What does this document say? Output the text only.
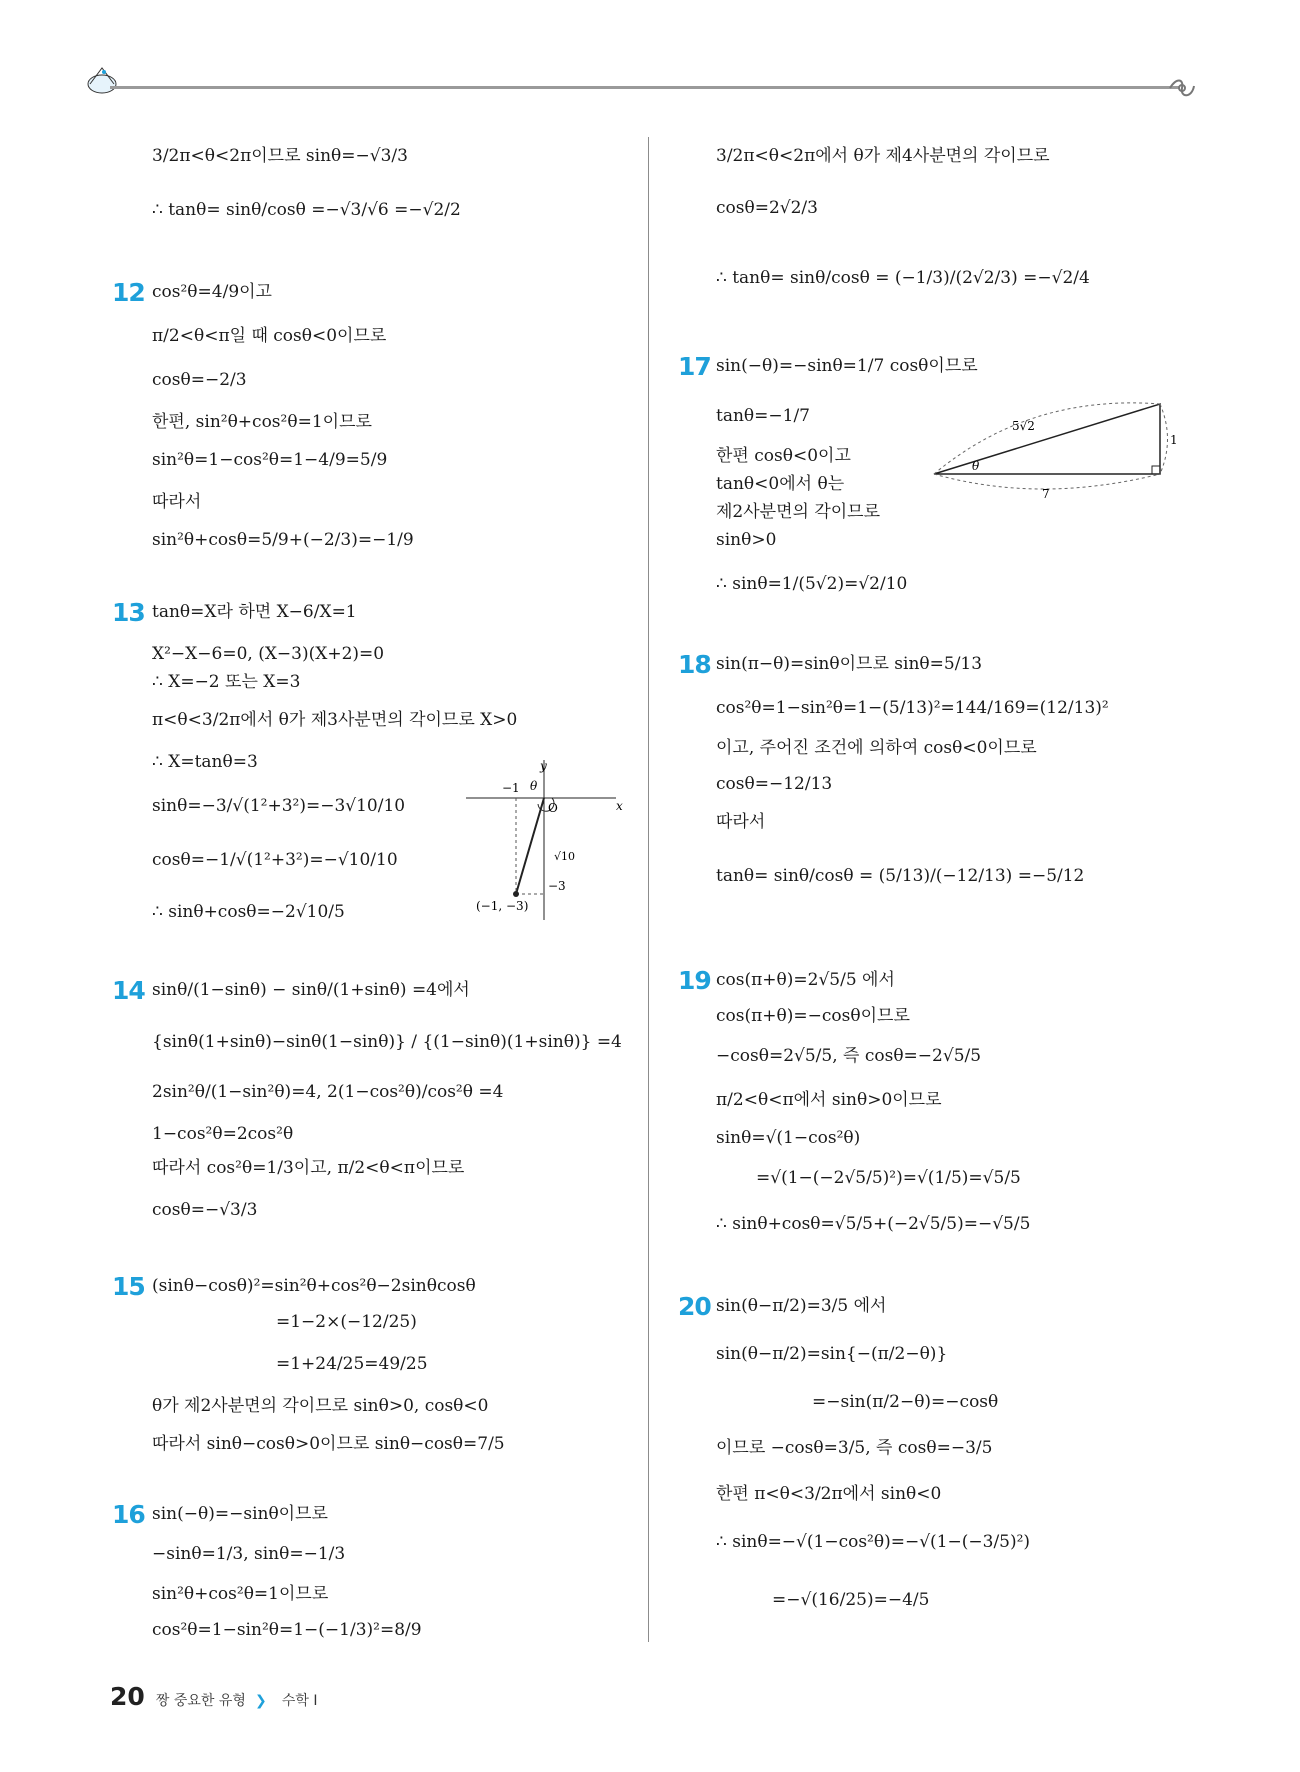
3/2π<θ<2π이므로 sinθ=−√3/3
∴ tanθ= sinθ/cosθ =−√3/√6 =−√2/2
12 cos²θ=4/9이고
π/2<θ<π일 때 cosθ<0이므로
cosθ=−2/3
한편, sin²θ+cos²θ=1이므로
sin²θ=1−cos²θ=1−4/9=5/9
따라서
sin²θ+cosθ=5/9+(−2/3)=−1/9
13 tanθ=X라 하면 X−6/X=1
X²−X−6=0, (X−3)(X+2)=0
∴ X=−2 또는 X=3
π<θ<3/2π에서 θ가 제3사분면의 각이므로 X>0
∴ X=tanθ=3
sinθ=−3/√(1²+3²)=−3√10/10
cosθ=−1/√(1²+3²)=−√10/10
∴ sinθ+cosθ=−2√10/5
y
x
O
−1 θ
√10
−3
(−1, −3)
14 sinθ/(1−sinθ) − sinθ/(1+sinθ) =4에서
{sinθ(1+sinθ)−sinθ(1−sinθ)} / {(1−sinθ)(1+sinθ)} =4
2sin²θ/(1−sin²θ)=4, 2(1−cos²θ)/cos²θ =4
1−cos²θ=2cos²θ
따라서 cos²θ=1/3이고, π/2<θ<π이므로
cosθ=−√3/3
15 (sinθ−cosθ)²=sin²θ+cos²θ−2sinθcosθ
=1−2×(−12/25)
=1+24/25=49/25
θ가 제2사분면의 각이므로 sinθ>0, cosθ<0
따라서 sinθ−cosθ>0이므로 sinθ−cosθ=7/5
16 sin(−θ)=−sinθ이므로
−sinθ=1/3, sinθ=−1/3
sin²θ+cos²θ=1이므로
cos²θ=1−sin²θ=1−(−1/3)²=8/9
3/2π<θ<2π에서 θ가 제4사분면의 각이므로
cosθ=2√2/3
∴ tanθ= sinθ/cosθ = (−1/3)/(2√2/3) =−√2/4
17 sin(−θ)=−sinθ=1/7 cosθ이므로
tanθ=−1/7
한편 cosθ<0이고
tanθ<0에서 θ는
제2사분면의 각이므로
sinθ>0
∴ sinθ=1/(5√2)=√2/10
5√2
1
7
θ
18 sin(π−θ)=sinθ이므로 sinθ=5/13
cos²θ=1−sin²θ=1−(5/13)²=144/169=(12/13)²
이고, 주어진 조건에 의하여 cosθ<0이므로
cosθ=−12/13
따라서
tanθ= sinθ/cosθ = (5/13)/(−12/13) =−5/12
19 cos(π+θ)=2√5/5 에서
cos(π+θ)=−cosθ이므로
−cosθ=2√5/5, 즉 cosθ=−2√5/5
π/2<θ<π에서 sinθ>0이므로
sinθ=√(1−cos²θ)
=√(1−(−2√5/5)²)=√(1/5)=√5/5
∴ sinθ+cosθ=√5/5+(−2√5/5)=−√5/5
20 sin(θ−π/2)=3/5 에서
sin(θ−π/2)=sin{−(π/2−θ)}
=−sin(π/2−θ)=−cosθ
이므로 −cosθ=3/5, 즉 cosθ=−3/5
한편 π<θ<3/2π에서 sinθ<0
∴ sinθ=−√(1−cos²θ)=−√(1−(−3/5)²)
=−√(16/25)=−4/5
20 짱 중요한 유형 ❯ 수학 Ⅰ
